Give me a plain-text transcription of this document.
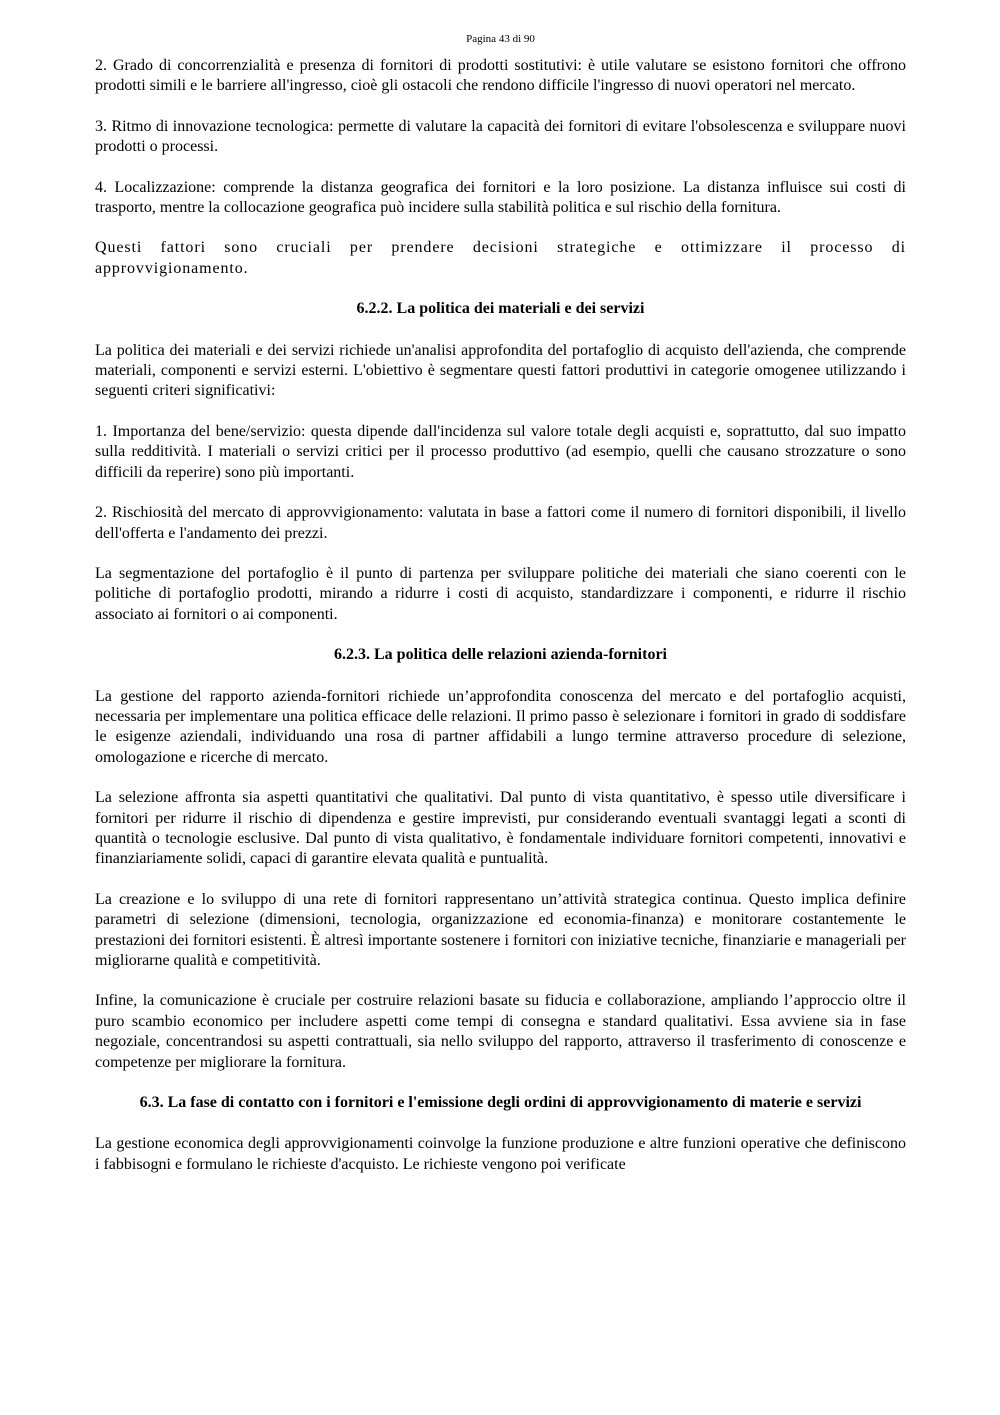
Pagina 43 di 90

2. Grado di concorrenzialità e presenza di fornitori di prodotti sostitutivi: è utile valutare se esistono fornitori che offrono prodotti simili e le barriere all'ingresso, cioè gli ostacoli che rendono difficile l'ingresso di nuovi operatori nel mercato.

3. Ritmo di innovazione tecnologica: permette di valutare la capacità dei fornitori di evitare l'obsolescenza e sviluppare nuovi prodotti o processi.

4. Localizzazione: comprende la distanza geografica dei fornitori e la loro posizione. La distanza influisce sui costi di trasporto, mentre la collocazione geografica può incidere sulla stabilità politica e sul rischio della fornitura.

Questi fattori sono cruciali per prendere decisioni strategiche e ottimizzare il processo di approvvigionamento.

6.2.2. La politica dei materiali e dei servizi

La politica dei materiali e dei servizi richiede un'analisi approfondita del portafoglio di acquisto dell'azienda, che comprende materiali, componenti e servizi esterni. L'obiettivo è segmentare questi fattori produttivi in categorie omogenee utilizzando i seguenti criteri significativi:

1. Importanza del bene/servizio: questa dipende dall'incidenza sul valore totale degli acquisti e, soprattutto, dal suo impatto sulla redditività. I materiali o servizi critici per il processo produttivo (ad esempio, quelli che causano strozzature o sono difficili da reperire) sono più importanti.

2. Rischiosità del mercato di approvvigionamento: valutata in base a fattori come il numero di fornitori disponibili, il livello dell'offerta e l'andamento dei prezzi.

La segmentazione del portafoglio è il punto di partenza per sviluppare politiche dei materiali che siano coerenti con le politiche di portafoglio prodotti, mirando a ridurre i costi di acquisto, standardizzare i componenti, e ridurre il rischio associato ai fornitori o ai componenti.

6.2.3. La politica delle relazioni azienda-fornitori

La gestione del rapporto azienda-fornitori richiede un’approfondita conoscenza del mercato e del portafoglio acquisti, necessaria per implementare una politica efficace delle relazioni. Il primo passo è selezionare i fornitori in grado di soddisfare le esigenze aziendali, individuando una rosa di partner affidabili a lungo termine attraverso procedure di selezione, omologazione e ricerche di mercato.

La selezione affronta sia aspetti quantitativi che qualitativi. Dal punto di vista quantitativo, è spesso utile diversificare i fornitori per ridurre il rischio di dipendenza e gestire imprevisti, pur considerando eventuali svantaggi legati a sconti di quantità o tecnologie esclusive. Dal punto di vista qualitativo, è fondamentale individuare fornitori competenti, innovativi e finanziariamente solidi, capaci di garantire elevata qualità e puntualità.

La creazione e lo sviluppo di una rete di fornitori rappresentano un’attività strategica continua. Questo implica definire parametri di selezione (dimensioni, tecnologia, organizzazione ed economia-finanza) e monitorare costantemente le prestazioni dei fornitori esistenti. È altresì importante sostenere i fornitori con iniziative tecniche, finanziarie e manageriali per migliorarne qualità e competitività.

Infine, la comunicazione è cruciale per costruire relazioni basate su fiducia e collaborazione, ampliando l’approccio oltre il puro scambio economico per includere aspetti come tempi di consegna e standard qualitativi. Essa avviene sia in fase negoziale, concentrandosi su aspetti contrattuali, sia nello sviluppo del rapporto, attraverso il trasferimento di conoscenze e competenze per migliorare la fornitura.

6.3. La fase di contatto con i fornitori e l'emissione degli ordini di approvvigionamento di materie e servizi

La gestione economica degli approvvigionamenti coinvolge la funzione produzione e altre funzioni operative che definiscono i fabbisogni e formulano le richieste d'acquisto. Le richieste vengono poi verificate
